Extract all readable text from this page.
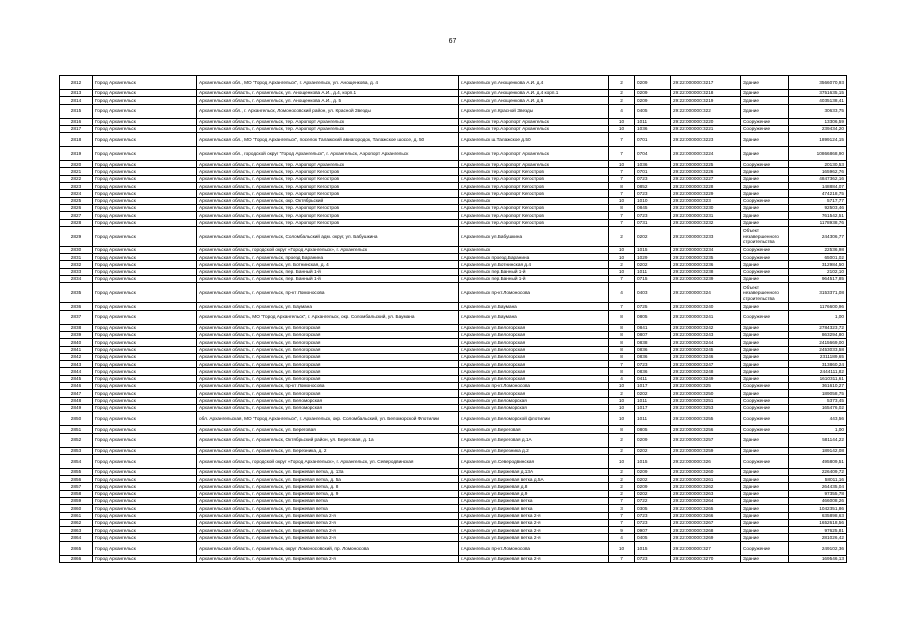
67
2812	Город Архангельск	Архангельская обл., МО "Город Архангельск", г. Архангельск, ул. Анощенкова, д. 4	г.Архангельск ул.Анощенкова А.И. д.4	2	0209	29:22:000000:3217	Здание	3566070,93
2813	Город Архангельск	Архангельская область, г. Архангельск, ул. Анощенкова А.И., д.4, корп.1	г.Архангельск ул.Анощенкова А.И. д.4 корп.1	2	0209	29:22:000000:3218	Здание	3751635,15
2814	Город Архангельск	Архангельская область, г. Архангельск, ул. Анощенкова А.И., д. 5	г.Архангельск ул.Анощенкова А.И. д.5	2	0209	29:22:000000:3219	Здание	4035138,41
2815	Город Архангельск	Архангельская обл., г. Архангельск, Ломоносовский район, ул. Красной Звезды	г.Архангельск ул.Красной Звезды	4	0405	29:22:000000:322	Здание	30633,75
2816	Город Архангельск	Архангельская область, г. Архангельск, тер. Аэропорт Архангельск	г.Архангельск тер.Аэропорт Архангельск	10	1011	29:22:000000:3220	Сооружение	13306,59
2817	Город Архангельск	Архангельская область, г. Архангельск, тер. Аэропорт Архангельск	г.Архангельск тер.Аэропорт Архангельск	10	1036	29:22:000000:3221	Сооружение	239434,20
2818	Город Архангельск	Архангельская обл., МО "Город Архангельск", поселок Талажский авиагородок, Талажское шоссе, д. 50	г.Архангельск ш.Талажское д.50	7	0701	29:22:000000:3223	Здание	1899124,15
2819	Город Архангельск	Архангельская обл., городской округ "Город Архангельск", г. Архангельск, Аэропорт Архангельск	г.Архангельск тер.Аэропорт Архангельск	7	0704	29:22:000000:3224	Здание	10866868,90
2820	Город Архангельск	Архангельская область, г. Архангельск, тер. Аэропорт Архангельск	г.Архангельск тер.Аэропорт Архангельск	10	1036	29:22:000000:3225	Сооружение	20130,53
2821	Город Архангельск	Архангельская область, г. Архангельск, тер. Аэропорт Кегостров	г.Архангельск тер.Аэропорт Кегостров	7	0701	29:22:000000:3226	Здание	165962,76
2822	Город Архангельск	Архангельская область, г. Архангельск, тер. Аэропорт Кегостров	г.Архангельск тер.Аэропорт Кегостров	7	0723	29:22:000000:3227	Здание	4847362,16
2823	Город Архангельск	Архангельская область, г. Архангельск, тер. Аэропорт Кегостров	г.Архангельск тер.Аэропорт Кегостров	8	0852	29:22:000000:3228	Здание	148884,07
2824	Город Архангельск	Архангельская область, г. Архангельск, тер. Аэропорт Кегостров	г.Архангельск тер.Аэропорт Кегостров	7	0723	29:22:000000:3229	Здание	474218,75
2825	Город Архангельск	Архангельская область, г. Архангельск, окр. Октябрьский	г.Архангельск	10	1010	29:22:000000:323	Сооружение	5717,77
2826	Город Архангельск	Архангельская область, г. Архангельск, тер. Аэропорт Кегостров	г.Архангельск тер.Аэропорт Кегостров	8	0845	29:22:000000:3230	Здание	92503,46
2827	Город Архангельск	Архангельская область, г. Архангельск, тер. Аэропорт Кегостров	г.Архангельск тер.Аэропорт Кегостров	7	0723	29:22:000000:3231	Здание	761542,51
2828	Город Архангельск	Архангельская область, г. Архангельск, тер. Аэропорт Кегостров	г.Архангельск тер.Аэропорт Кегостров	7	0731	29:22:000000:3232	Здание	1178938,76
2829	Город Архангельск	Архангельская область, г. Архангельск, Соломбальский адм. округ, ул. Бабушкина	г.Архангельск ул.Бабушкина	2	0202	29:22:000000:3233	Объект незавершенного строительства	244306,77
2830	Город Архангельск	Архангельская область, городской округ «Город Архангельск», г. Архангельск	г.Архангельск	10	1015	29:22:000000:3234	Сооружение	22536,98
2831	Город Архангельск	Архангельская область, г. Архангельск, проезд Баранина	г.Архангельск проезд.Баранина	10	1029	29:22:000000:3235	Сооружение	65001,02
2832	Город Архангельск	Архангельская область, г. Архангельск, ул. Ботнинская, д. 4	г.Архангельск ул.Ботнинская д.4	2	0202	29:22:000000:3236	Здание	312984,50
2833	Город Архангельск	Архангельская область, г. Архангельск, пер. Банный 1-й	г.Архангельск пер.Банный 1-й	10	1011	29:22:000000:3238	Сооружение	2102,10
2834	Город Архангельск	Архангельская область, г. Архангельск, пер. Банный 1-й	г.Архангельск пер.Банный 1-й	7	0715	29:22:000000:3239	Здание	964517,85
2835	Город Архангельск	Архангельская область, г. Архангельск, пр-кт Ломоносова	г.Архангельск пр-кт.Ломоносова	4	0403	29:22:000000:324	Объект незавершенного строительства	3153371,08
2836	Город Архангельск	Архангельская область, г. Архангельск, ул. Баумана	г.Архангельск ул.Баумана	7	0725	29:22:000000:3240	Здание	1176600,96
2837	Город Архангельск	Архангельская область, МО "Город Архангельск", г. Архангельск, окр. Соломбальский, ул. Баумана	г.Архангельск ул.Баумана	8	0805	29:22:000000:3241	Сооружение	1,00
2838	Город Архангельск	Архангельская область, г. Архангельск, ул. Белогорская	г.Архангельск ул.Белогорская	8	0841	29:22:000000:3242	Здание	2784323,72
2839	Город Архангельск	Архангельская область, г. Архангельск, ул. Белогорская	г.Архангельск ул.Белогорская	8	0807	29:22:000000:3243	Здание	863294,80
2840	Город Архангельск	Архангельская область, г. Архангельск, ул. Белогорская	г.Архангельск ул.Белогорская	8	0838	29:22:000000:3244	Здание	2415669,00
2841	Город Архангельск	Архангельская область, г. Архангельск, ул. Белогорская	г.Архангельск ул.Белогорская	8	0836	29:22:000000:3245	Здание	2453033,58
2842	Город Архангельск	Архангельская область, г. Архангельск, ул. Белогорская	г.Архангельск ул.Белогорская	8	0836	29:22:000000:3246	Здание	2311189,65
2843	Город Архангельск	Архангельская область, г. Архангельск, ул. Белогорская	г.Архангельск ул.Белогорская	7	0723	29:22:000000:3247	Здание	313860,24
2844	Город Архангельск	Архангельская область, г. Архангельск, ул. Белогорская	г.Архангельск ул.Белогорская	8	0836	29:22:000000:3248	Здание	2444111,82
2845	Город Архангельск	Архангельская область, г. Архангельск, ул. Белогорская	г.Архангельск ул.Белогорская	4	0411	29:22:000000:3249	Здание	1610311,61
2846	Город Архангельск	Архангельская область, г. Архангельск, пр-кт Ломоносова	г.Архангельск пр-кт.Ломоносова	10	1017	29:22:000000:325	Сооружение	361610,27
2847	Город Архангельск	Архангельская область, г. Архангельск, ул. Белогорская	г.Архангельск ул.Белогорская	2	0202	29:22:000000:3250	Здание	189058,75
2848	Город Архангельск	Архангельская область, г. Архангельск, ул. Беломорская	г.Архангельск ул.Беломорская	10	1011	29:22:000000:3251	Сооружение	5373,45
2849	Город Архангельск	Архангельская область, г. Архангельск, ул. Беломорская	г.Архангельск ул.Беломорская	10	1017	29:22:000000:3253	Сооружение	165476,02
2850	Город Архангельск	обл. Архангельская, МО "Город Архангельск", г. Архангельск, окр. Соломбальский, ул. Беломорской Флотилии	г.Архангельск ул.Беломорской флотилии	10	1011	29:22:000000:3255	Сооружение	443,56
2851	Город Архангельск	Архангельская область, г. Архангельск, ул. Береговая	г.Архангельск ул.Береговая	8	0805	29:22:000000:3256	Сооружение	1,00
2852	Город Архангельск	Архангельская область, г. Архангельск, Октябрьский район, ул. Береговая, д. 1а	г.Архангельск ул.Береговая д.1А	2	0209	29:22:000000:3257	Здание	581144,22
2853	Город Архангельск	Архангельская область, г. Архангельск, ул. Березника, д. 2	г.Архангельск ул.Березника д.2	2	0202	29:22:000000:3259	Здание	189142,08
2854	Город Архангельск	Архангельская область, городской округ «Город Архангельск», г. Архангельск, ул. Северодвинская	г.Архангельск ул.Северодвинская	10	1015	29:22:000000:326	Сооружение	495809,51
2855	Город Архангельск	Архангельская область, г. Архангельск, ул. Биржевая ветка, д. 13а	г.Архангельск ул.Биржевая д.13А	2	0209	29:22:000000:3260	Здание	226409,72
2856	Город Архангельск	Архангельская область, г. Архангельск, ул. Биржевая ветка, д. 5а	г.Архангельск ул.Биржевая ветка д.5А	2	0202	29:22:000000:3261	Здание	58011,16
2857	Город Архангельск	Архангельская область, г. Архангельск, ул. Биржевая ветка, д. 8	г.Архангельск ул.Биржевая д.8	2	0209	29:22:000000:3262	Здание	264435,04
2858	Город Архангельск	Архангельская область, г. Архангельск, ул. Биржевая ветка, д. 9	г.Архангельск ул.Биржевая д.9	2	0202	29:22:000000:3263	Здание	97355,78
2859	Город Архангельск	Архангельская область, г. Архангельск, ул. Биржевая ветка	г.Архангельск ул.Биржевая ветка	7	0722	29:22:000000:3264	Здание	466008,26
2860	Город Архангельск	Архангельская область, г. Архангельск, ул. Биржевая ветка	г.Архангельск ул.Биржевая ветка	3	0305	29:22:000000:3265	Здание	1042351,86
2861	Город Архангельск	Архангельская область, г. Архангельск, ул. Биржевая ветка 2-я	г.Архангельск ул.Биржевая ветка 2-я	7	0723	29:22:000000:3266	Здание	635898,63
2862	Город Архангельск	Архангельская область, г. Архангельск, ул. Биржевая ветка 2-я	г.Архангельск ул.Биржевая ветка 2-я	7	0723	29:22:000000:3267	Здание	1652618,56
2863	Город Архангельск	Архангельская область, г. Архангельск, ул. Биржевая ветка 2-я	г.Архангельск ул.Биржевая ветка 2-я	9	0907	29:22:000000:3268	Здание	97625,81
2864	Город Архангельск	Архангельская область, г. Архангельск, ул. Биржевая ветка 2-я	г.Архангельск ул.Биржевая ветка 2-я	4	0405	29:22:000000:3269	Здание	281026,42
2865	Город Архангельск	Архангельская область, г. Архангельск, округ Ломоносовский, пр. Ломоносова	г.Архангельск пр-кт.Ломоносова	10	1015	29:22:000000:327	Сооружение	249102,36
2866	Город Архангельск	Архангельская область, г. Архангельск, ул. Биржевая ветка 2-я	г.Архангельск ул.Биржевая ветка 2-я	7	0723	29:22:000000:3270	Здание	169546,13
